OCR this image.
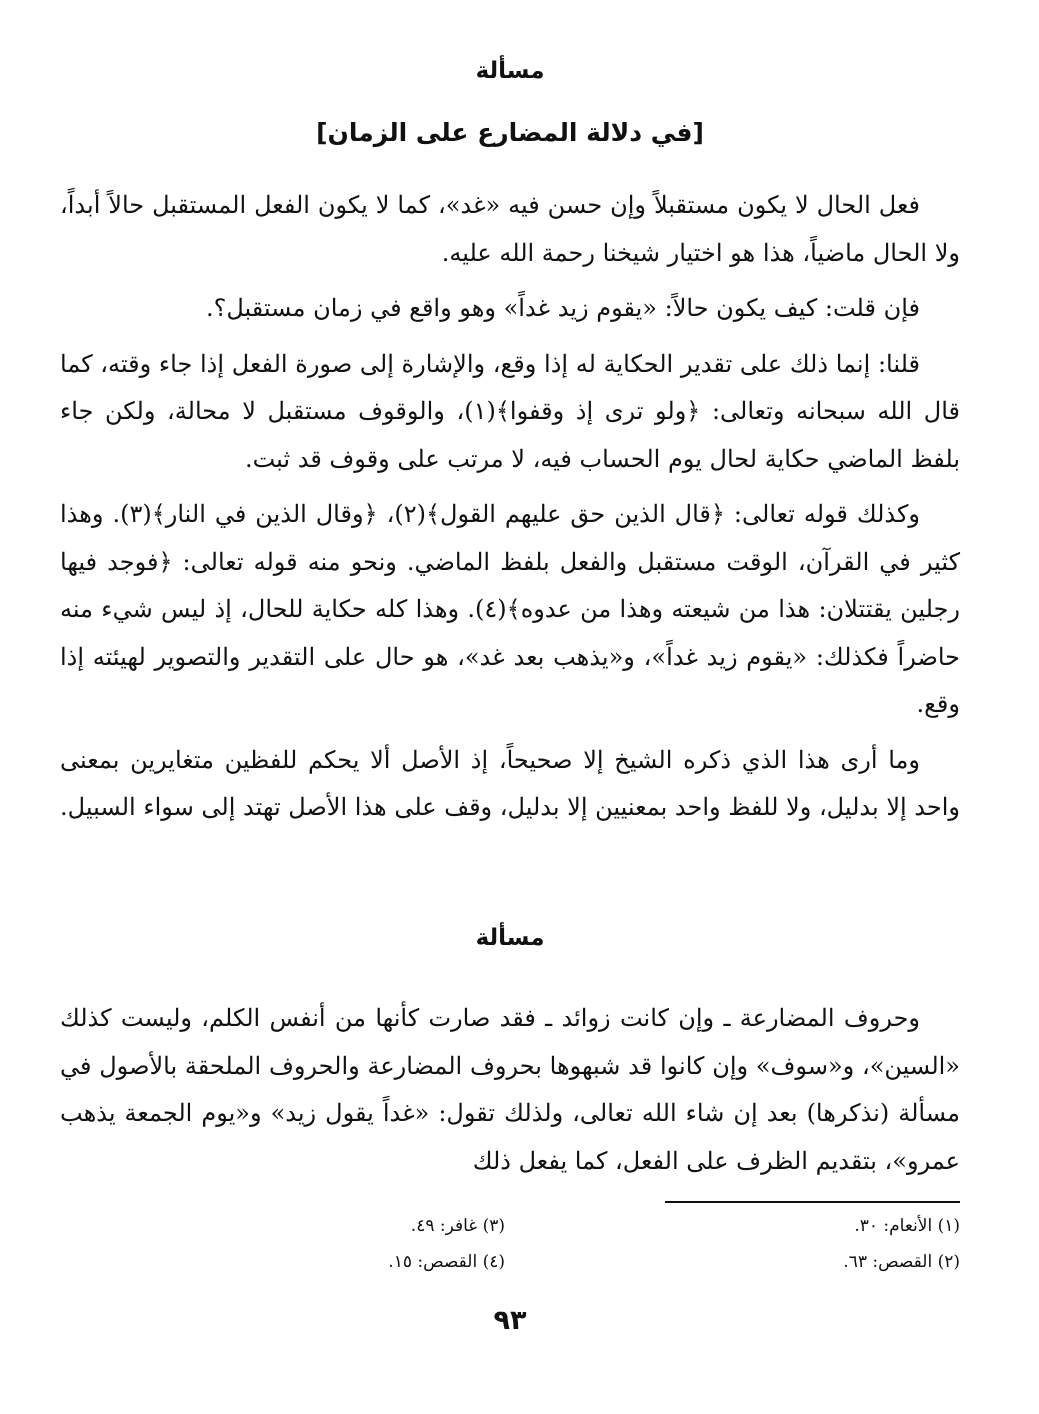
مسألة
[في دلالة المضارع على الزمان]

فعل الحال لا يكون مستقبلاً وإن حسن فيه «غد»، كما لا يكون الفعل المستقبل حالاً أبداً، ولا الحال ماضياً، هذا هو اختيار شيخنا رحمة الله عليه.

فإن قلت: كيف يكون حالاً: «يقوم زيد غداً» وهو واقع في زمان مستقبل؟.

قلنا: إنما ذلك على تقدير الحكاية له إذا وقع، والإشارة إلى صورة الفعل إذا جاء وقته، كما قال الله سبحانه وتعالى: ﴿ولو ترى إذ وقفوا﴾(١)، والوقوف مستقبل لا محالة، ولكن جاء بلفظ الماضي حكاية لحال يوم الحساب فيه، لا مرتب على وقوف قد ثبت.

وكذلك قوله تعالى: ﴿قال الذين حق عليهم القول﴾(٢)، ﴿وقال الذين في النار﴾(٣). وهذا كثير في القرآن، الوقت مستقبل والفعل بلفظ الماضي. ونحو منه قوله تعالى: ﴿فوجد فيها رجلين يقتتلان: هذا من شيعته وهذا من عدوه﴾(٤). وهذا كله حكاية للحال، إذ ليس شيء منه حاضراً فكذلك: «يقوم زيد غداً»، و«يذهب بعد غد»، هو حال على التقدير والتصوير لهيئته إذا وقع.

وما أرى هذا الذي ذكره الشيخ إلا صحيحاً، إذ الأصل ألا يحكم للفظين متغايرين بمعنى واحد إلا بدليل، ولا للفظ واحد بمعنيين إلا بدليل، وقف على هذا الأصل تهتد إلى سواء السبيل.

مسألة

وحروف المضارعة ـ وإن كانت زوائد ـ فقد صارت كأنها من أنفس الكلم، وليست كذلك «السين»، و«سوف» وإن كانوا قد شبهوها بحروف المضارعة والحروف الملحقة بالأصول في مسألة (نذكرها) بعد إن شاء الله تعالى، ولذلك تقول: «غداً يقول زيد» و«يوم الجمعة يذهب عمرو»، بتقديم الظرف على الفعل، كما يفعل ذلك

(١) الأنعام: ٣٠.
(٢) القصص: ٦٣.
(٣) غافر: ٤٩.
(٤) القصص: ١٥.
٩٣
